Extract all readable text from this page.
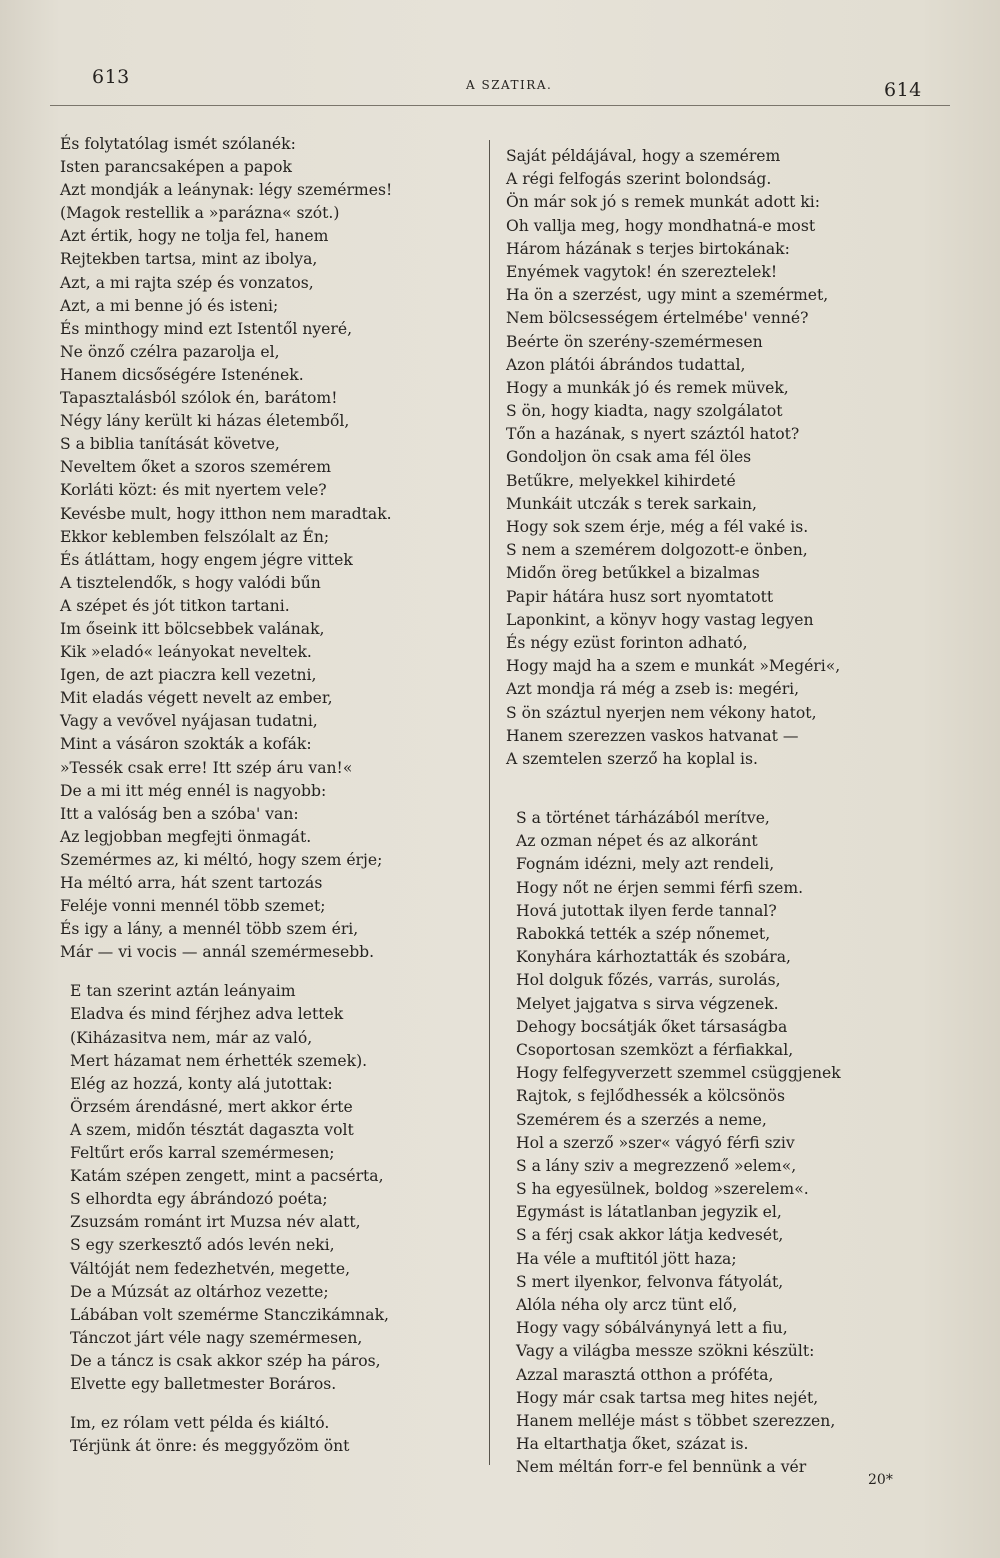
613	A SZATIRA.	614
És folytatólag ismét szólanék:
Isten parancsaképen a papok
Azt mondják a leánynak: légy szemérmes!
(Magok restellik a »parázna« szót.)
Azt értik, hogy ne tolja fel, hanem
Rejtekben tartsa, mint az ibolya,
Azt, a mi rajta szép és vonzatos,
Azt, a mi benne jó és isteni;
És minthogy mind ezt Istentől nyeré,
Ne önző czélra pazarolja el,
Hanem dicsőségére Istenének.
Tapasztalásból szólok én, barátom!
Négy lány került ki házas életemből,
S a biblia tanítását követve,
Neveltem őket a szoros szemérem
Korláti közt: és mit nyertem vele?
Kevésbe mult, hogy itthon nem maradtak.
Ekkor keblemben felszólalt az Én;
És átláttam, hogy engem jégre vittek
A tisztelendők, s hogy valódi bűn
A szépet és jót titkon tartani.
Im őseink itt bölcsebbek valának,
Kik »eladó« leányokat neveltek.
Igen, de azt piaczra kell vezetni,
Mit eladás végett nevelt az ember,
Vagy a vevővel nyájasan tudatni,
Mint a vásáron szokták a kofák:
»Tessék csak erre! Itt szép áru van!«
De a mi itt még ennél is nagyobb:
Itt a valóság ben a szóba' van:
Az legjobban megfejti önmagát.
Szemérmes az, ki méltó, hogy szem érje;
Ha méltó arra, hát szent tartozás
Feléje vonni mennél több szemet;
És igy a lány, a mennél több szem éri,
Már — vi vocis — annál szemérmesebb.
E tan szerint aztán leányaim
Eladva és mind férjhez adva lettek
(Kiházasitva nem, már az való,
Mert házamat nem érhették szemek).
Elég az hozzá, konty alá jutottak:
Örzsém árendásné, mert akkor érte
A szem, midőn tésztát dagaszta volt
Feltűrt erős karral szemérmesen;
Katám szépen zengett, mint a pacsérta,
S elhordta egy ábrándozó poéta;
Zsuzsám románt irt Muzsa név alatt,
S egy szerkesztő adós levén neki,
Váltóját nem fedezhetvén, megette,
De a Múzsát az oltárhoz vezette;
Lábában volt szemérme Stanczikámnak,
Tánczot járt véle nagy szemérmesen,
De a táncz is csak akkor szép ha páros,
Elvette egy balletmester Boráros.
Im, ez rólam vett példa és kiáltó.
Térjünk át önre: és meggyőzöm önt
Saját példájával, hogy a szemérem
A régi felfogás szerint bolondság.
Ön már sok jó s remek munkát adott ki:
Oh vallja meg, hogy mondhatná-e most
Három házának s terjes birtokának:
Enyémek vagytok! én szereztelek!
Ha ön a szerzést, ugy mint a szemérmet,
Nem bölcsességem értelmébe' venné?
Beérte ön szerény-szemérmesen
Azon plátói ábrándos tudattal,
Hogy a munkák jó és remek müvek,
S ön, hogy kiadta, nagy szolgálatot
Tőn a hazának, s nyert száztól hatot?
Gondoljon ön csak ama fél öles
Betűkre, melyekkel kihirdeté
Munkáit utczák s terek sarkain,
Hogy sok szem érje, még a fél vaké is.
S nem a szemérem dolgozott-e önben,
Midőn öreg betűkkel a bizalmas
Papir hátára husz sort nyomtatott
Laponkint, a könyv hogy vastag legyen
És négy ezüst forinton adható,
Hogy majd ha a szem e munkát »Megéri«,
Azt mondja rá még a zseb is: megéri,
S ön száztul nyerjen nem vékony hatot,
Hanem szerezzen vaskos hatvanat —
A szemtelen szerző ha koplal is.
S a történet tárházából merítve,
Az ozman népet és az alkoránt
Fognám idézni, mely azt rendeli,
Hogy nőt ne érjen semmi férfi szem.
Hová jutottak ilyen ferde tannal?
Rabokká tették a szép nőnemet,
Konyhára kárhoztatták és szobára,
Hol dolguk főzés, varrás, surolás,
Melyet jajgatva s sirva végzenek.
Dehogy bocsátják őket társaságba
Csoportosan szemközt a férfiakkal,
Hogy felfegyverzett szemmel csüggjenek
Rajtok, s fejlődhessék a kölcsönös
Szemérem és a szerzés a neme,
Hol a szerző »szer« vágyó férfi sziv
S a lány sziv a megrezzenő »elem«,
S ha egyesülnek, boldog »szerelem«.
Egymást is látatlanban jegyzik el,
S a férj csak akkor látja kedvesét,
Ha véle a muftitól jött haza;
S mert ilyenkor, felvonva fátyolát,
Alóla néha oly arcz tünt elő,
Hogy vagy sóbálványnyá lett a fiu,
Vagy a világba messze szökni készült:
Azzal marasztá otthon a próféta,
Hogy már csak tartsa meg hites nejét,
Hanem melléje mást s többet szerezzen,
Ha eltarthatja őket, százat is.
Nem méltán forr-e fel bennünk a vér
20*
